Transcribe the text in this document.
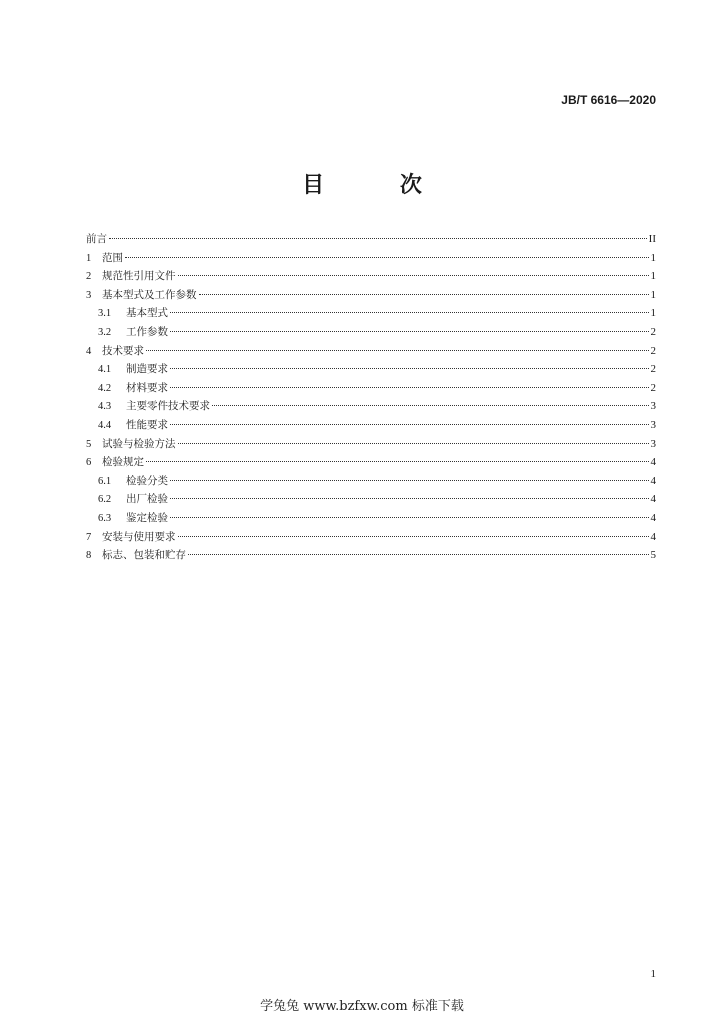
JB/T 6616—2020
目 次
前言	II
1	范围	1
2	规范性引用文件	1
3	基本型式及工作参数	1
3.1	基本型式	1
3.2	工作参数	2
4	技术要求	2
4.1	制造要求	2
4.2	材料要求	2
4.3	主要零件技术要求	3
4.4	性能要求	3
5	试验与检验方法	3
6	检验规定	4
6.1	检验分类	4
6.2	出厂检验	4
6.3	鉴定检验	4
7	安装与使用要求	4
8	标志、包装和贮存	5
1
学兔兔 www.bzfxw.com 标准下载
